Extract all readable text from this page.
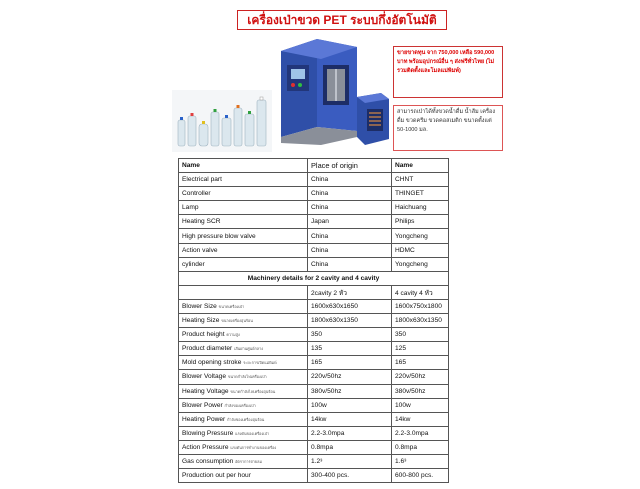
เครื่องเป่าขวด PET ระบบกึ่งอัตโนมัติ
ขายขาดทุน จาก 750,000 เหลือ 590,000 บาท พร้อมอุปกรณ์อื่น ๆ ส่งฟรีทั่วไทย (ไม่รวมติดตั้งและโมลแม่พิมพ์)
สามารถเป่าได้ทั้งขวดน้ำดื่ม น้ำส้ม เครื่องดื่ม ขวดครีม ขวดคอสเมติก ขนาดตั้งแต่ 50-1000 มล.
Name	Place of origin	Name
Electrical part	China	CHNT
Controller	China	THINGET
Lamp	China	Haichuang
Heating SCR	Japan	Philips
High pressure blow valve	China	Yongcheng
Action valve	China	HDMC
cylinder	China	Yongcheng
Machinery details for 2 cavity and 4 cavity		
	2cavity 2 หัว	4 cavity 4 หัว
Blower Size ขนาดเครื่องเป่า	1600x630x1650	1600x750x1800
Heating Size ขนาดเครื่องอุ่นร้อน	1800x630x1350	1800x630x1350
Product height ความสูง	350	350
Product diameter เส้นผ่านศูนย์กลาง	135	125
Mold opening stroke ระยะการเปิดแม่พิมพ์	165	165
Blower Voltage ขนาดกำลังไฟเครื่องเป่า	220v/50hz	220v/50hz
Heating Voltage ขนาดกำลังไฟเครื่องอุ่นร้อน	380v/50hz	380v/50hz
Blower Power กำลังของเครื่องเป่า	100w	100w
Heating Power กำลังของเครื่องอุ่นร้อน	14kw	14kw
Blowing Pressure แรงดันของเครื่องเป่า	2.2-3.0mpa	2.2-3.0mpa
Action Pressure แรงดันการทำงานของเครื่อง	0.8mpa	0.8mpa
Gas consumption อัตราการจ่ายลม	1.2³	1.6³
Production out per hour	300-400 pcs.	600-800 pcs.
